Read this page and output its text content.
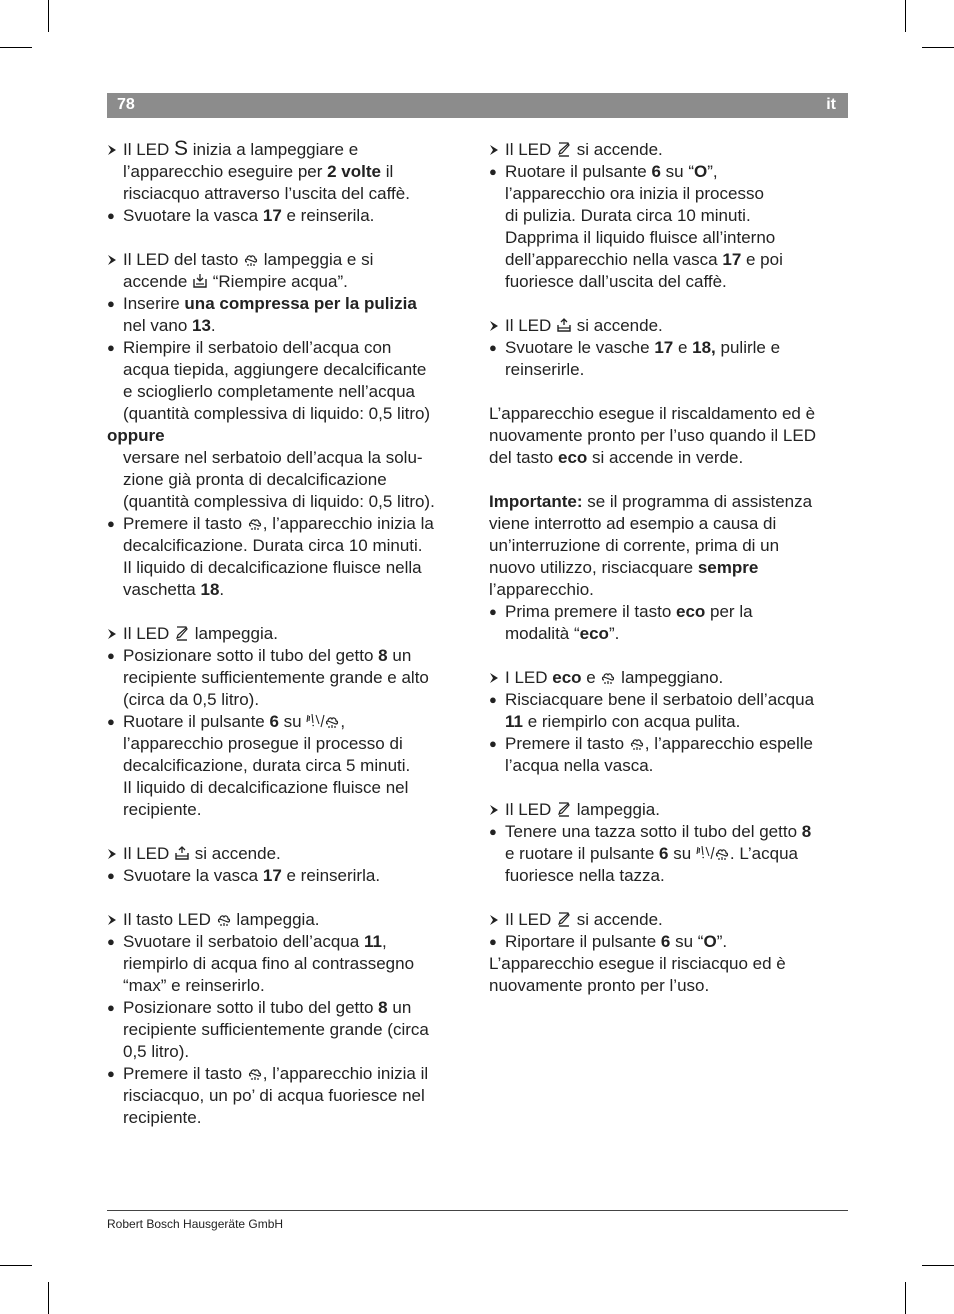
78	it
Il LED S inizia a lampeggiare e
l’apparecchio eseguire per 2 volte il
risciacquo attraverso l’uscita del caffè.
● Svuotare la vasca 17 e reinserila.
Il LED del tasto
lampeggia e si
accende
“Riempire acqua”.
● Inserire una compressa per la pulizia
nel vano 13.
● Riempire il serbatoio dell’acqua con
acqua tiepida, aggiungere decalcificante
e scioglierlo completamente nell’acqua
(quantità complessiva di liquido: 0,5 litro)
oppure
versare nel serbatoio dell’acqua la solu-
zione già pronta di decalcificazione
(quantità complessiva di liquido: 0,5 litro).
● Premere il tasto
, l’apparecchio inizia la
decalcificazione. Durata circa 10 minuti.
Il liquido di decalcificazione fluisce nella
vaschetta 18.
Il LED
lampeggia.
● Posizionare sotto il tubo del getto 8 un
recipiente sufficientemente grande e alto
(circa da 0,5 litro).
● Ruotare il pulsante 6 su
,
l’apparecchio prosegue il processo di
decalcificazione, durata circa 5 minuti.
Il liquido di decalcificazione fluisce nel
recipiente.
Il LED
si accende.
● Svuotare la vasca 17 e reinserirla.
Il tasto LED
lampeggia.
● Svuotare il serbatoio dell’acqua 11,
riempirlo di acqua fino al contrassegno
“max” e reinserirlo.
● Posizionare sotto il tubo del getto 8 un
recipiente sufficientemente grande (circa
0,5 litro).
● Premere il tasto
, l’apparecchio inizia il
risciacquo, un po’ di acqua fuoriesce nel
recipiente.
Il LED
si accende.
● Ruotare il pulsante 6 su “O”,
l’apparecchio ora inizia il processo
di pulizia. Durata circa 10 minuti.
Dapprima il liquido fluisce all’interno
dell’apparecchio nella vasca 17 e poi
fuoriesce dall’uscita del caffè.
Il LED
si accende.
● Svuotare le vasche 17 e 18, pulirle e
reinserirle.
L’apparecchio esegue il riscaldamento ed è
nuovamente pronto per l’uso quando il LED
del tasto eco si accende in verde.
Importante: se il programma di assistenza
viene interrotto ad esempio a causa di
un’interruzione di corrente, prima di un
nuovo utilizzo, risciacquare sempre
l’apparecchio.
● Prima premere il tasto eco per la
modalità “eco”.
I LED eco e
lampeggiano.
● Risciacquare bene il serbatoio dell’acqua
11 e riempirlo con acqua pulita.
● Premere il tasto
, l’apparecchio espelle
l’acqua nella vasca.
Il LED
lampeggia.
● Tenere una tazza sotto il tubo del getto 8
e ruotare il pulsante 6 su
. L’acqua
fuoriesce nella tazza.
Il LED
si accende.
● Riportare il pulsante 6 su “O”.
L’apparecchio esegue il risciacquo ed è
nuovamente pronto per l’uso.
Robert Bosch Hausgeräte GmbH
